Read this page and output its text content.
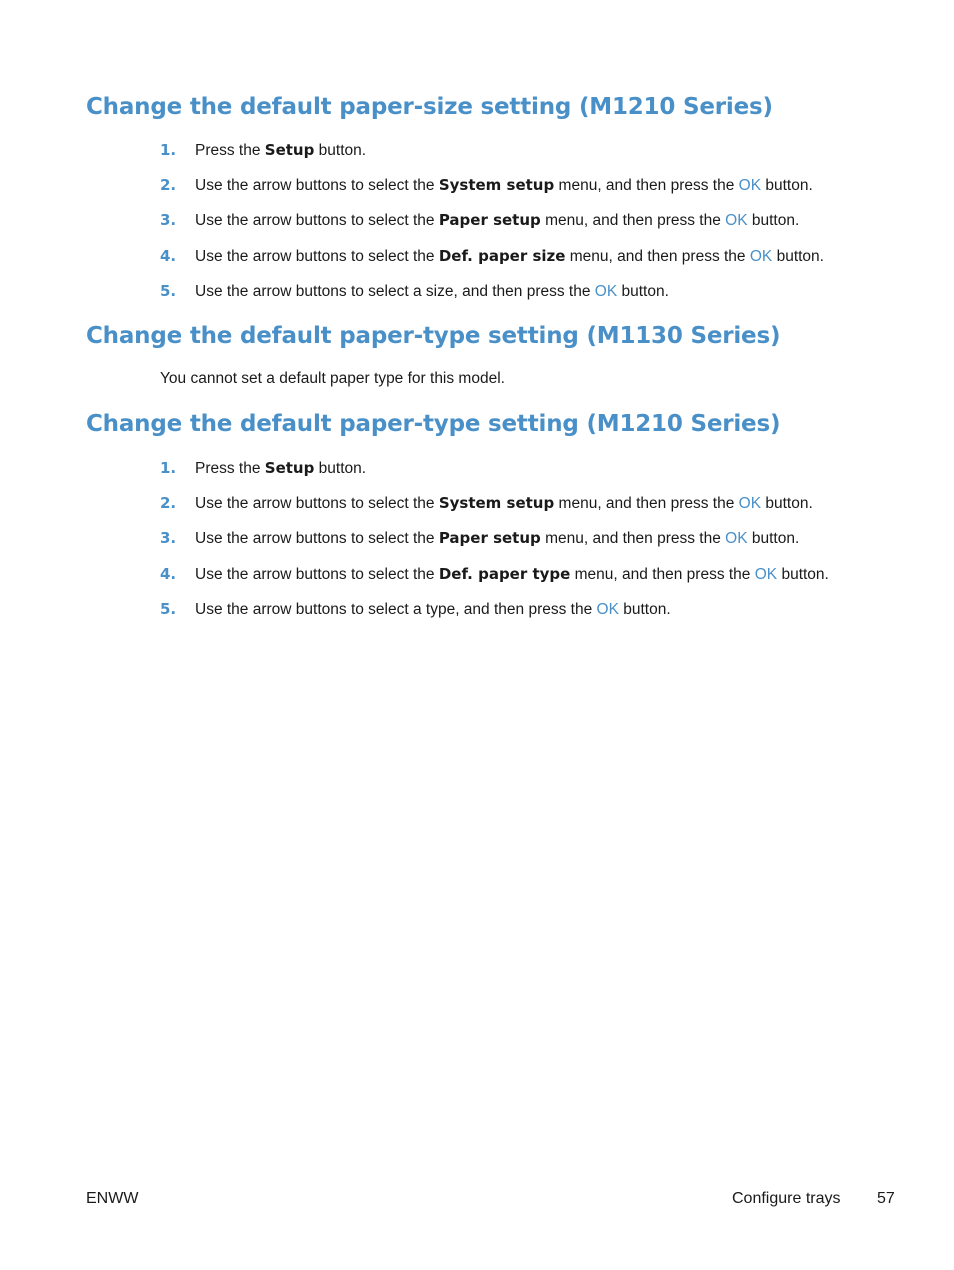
Change the default paper-size setting (M1210 Series)
1.	Press the Setup button.
2.	Use the arrow buttons to select the System setup menu, and then press the OK button.
3.	Use the arrow buttons to select the Paper setup menu, and then press the OK button.
4.	Use the arrow buttons to select the Def. paper size menu, and then press the OK button.
5.	Use the arrow buttons to select a size, and then press the OK button.
Change the default paper-type setting (M1130 Series)

You cannot set a default paper type for this model.

Change the default paper-type setting (M1210 Series)
1.	Press the Setup button.
2.	Use the arrow buttons to select the System setup menu, and then press the OK button.
3.	Use the arrow buttons to select the Paper setup menu, and then press the OK button.
4.	Use the arrow buttons to select the Def. paper type menu, and then press the OK button.
5.	Use the arrow buttons to select a type, and then press the OK button.
ENWW	Configure trays 57
